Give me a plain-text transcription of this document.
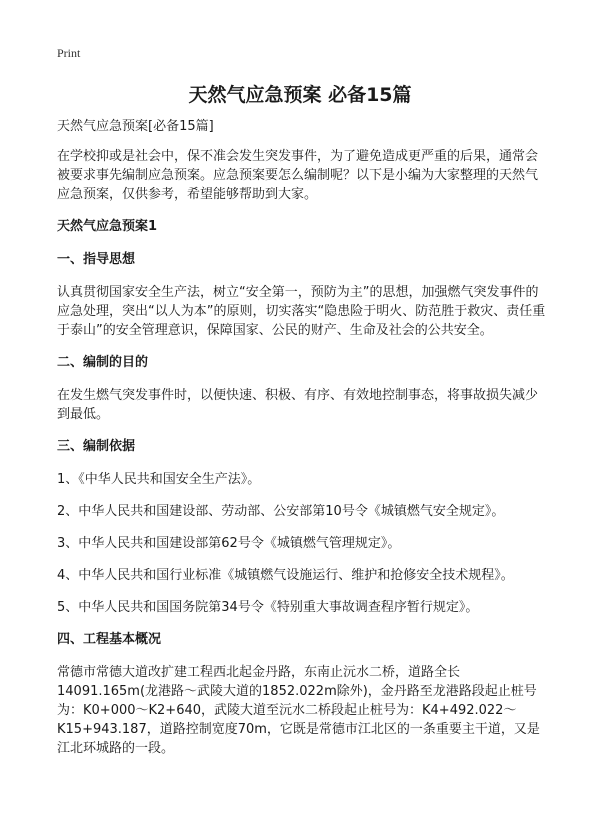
Print
天然气应急预案 必备15篇

天然气应急预案[必备15篇]

在学校抑或是社会中，保不准会发生突发事件，为了避免造成更严重的后果，通常会被要求事先编制应急预案。应急预案要怎么编制呢？以下是小编为大家整理的天然气应急预案，仅供参考，希望能够帮助到大家。

天然气应急预案1
一、指导思想

认真贯彻国家安全生产法，树立“安全第一，预防为主”的思想，加强燃气突发事件的应急处理，突出“以人为本”的原则，切实落实“隐患险于明火、防范胜于救灾、责任重于泰山”的安全管理意识，保障国家、公民的财产、生命及社会的公共安全。

二、编制的目的

在发生燃气突发事件时，以便快速、积极、有序、有效地控制事态，将事故损失减少到最低。

三、编制依据
1、《中华人民共和国安全生产法》。
2、中华人民共和国建设部、劳动部、公安部第10号令《城镇燃气安全规定》。
3、中华人民共和国建设部第62号令《城镇燃气管理规定》。
4、中华人民共和国行业标准《城镇燃气设施运行、维护和抢修安全技术规程》。
5、中华人民共和国国务院第34号令《特别重大事故调查程序暂行规定》。
四、工程基本概况

常德市常德大道改扩建工程西北起金丹路，东南止沅水二桥，道路全长14091.165m(龙港路～武陵大道的1852.022m除外)，金丹路至龙港路段起止桩号为：K0+000～K2+640，武陵大道至沅水二桥段起止桩号为：K4+492.022～K15+943.187，道路控制宽度70m，它既是常德市江北区的一条重要主干道，又是江北环城路的一段。
